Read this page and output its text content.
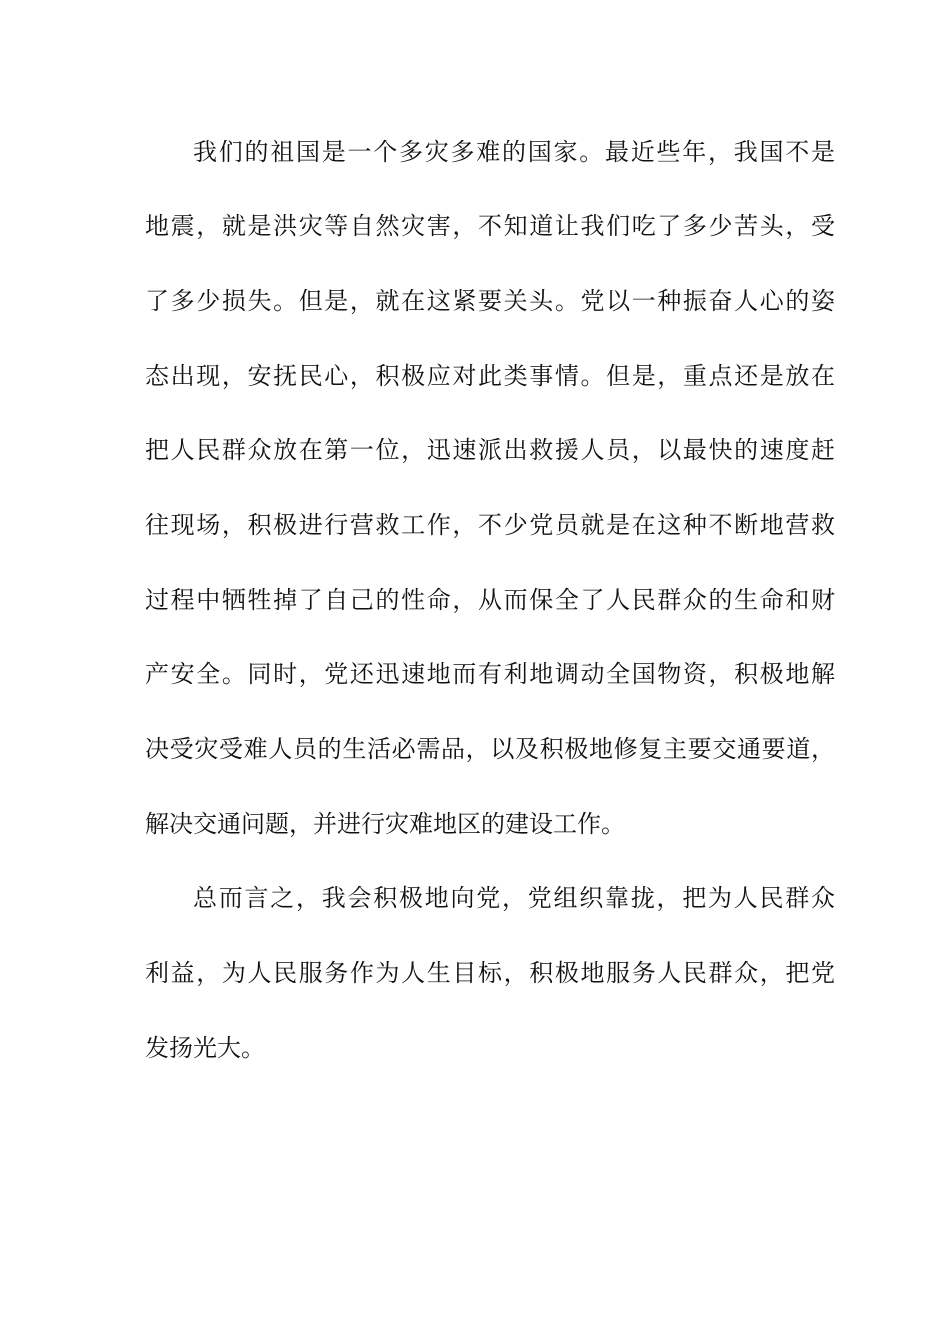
我们的祖国是一个多灾多难的国家。最近些年，我国不是
地震，就是洪灾等自然灾害，不知道让我们吃了多少苦头，受
了多少损失。但是，就在这紧要关头。党以一种振奋人心的姿
态出现，安抚民心，积极应对此类事情。但是，重点还是放在
把人民群众放在第一位，迅速派出救援人员，以最快的速度赶
往现场，积极进行营救工作，不少党员就是在这种不断地营救
过程中牺牲掉了自己的性命，从而保全了人民群众的生命和财
产安全。同时，党还迅速地而有利地调动全国物资，积极地解
决受灾受难人员的生活必需品，以及积极地修复主要交通要道，
解决交通问题，并进行灾难地区的建设工作。
总而言之，我会积极地向党，党组织靠拢，把为人民群众
利益，为人民服务作为人生目标，积极地服务人民群众，把党
发扬光大。
